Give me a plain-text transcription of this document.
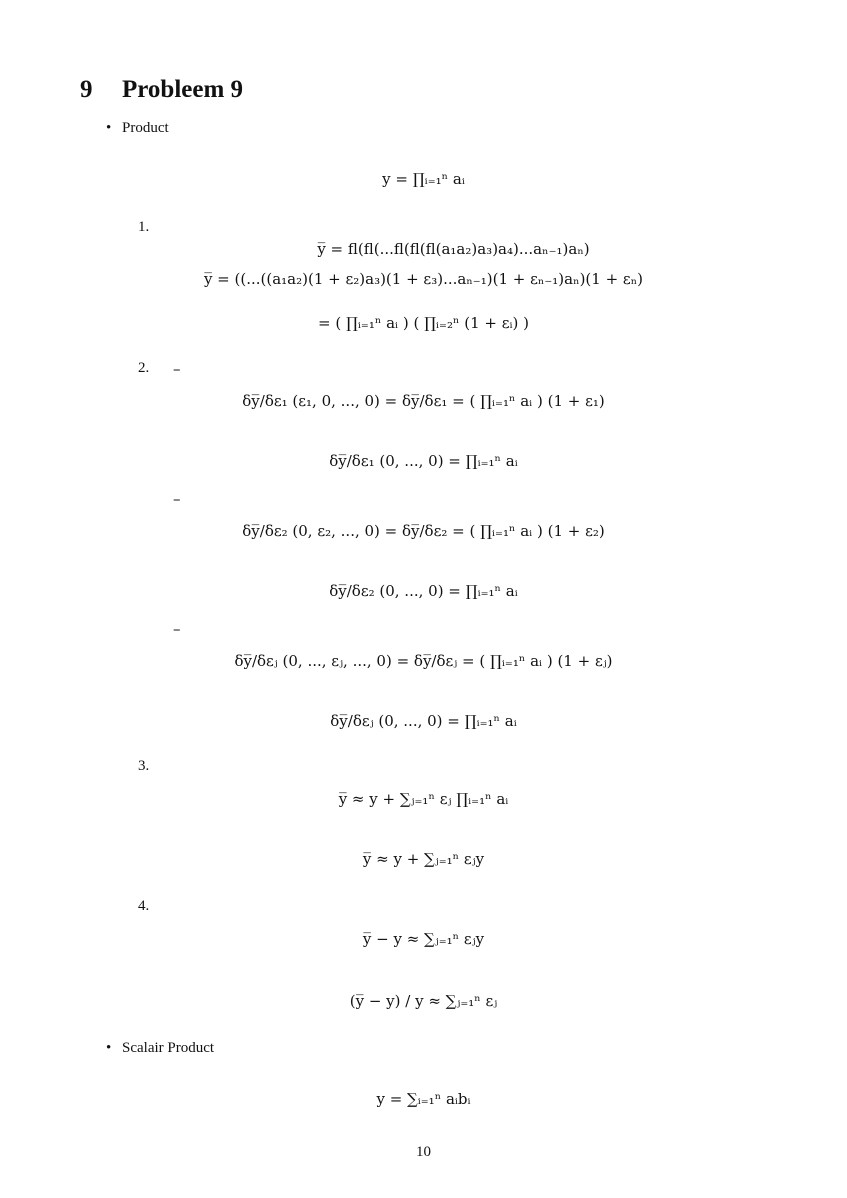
9 Probleem 9
• Product
y = ∏ᵢ₌₁ⁿ aᵢ
1.
y̅ = fl(fl(...fl(fl(fl(a₁a₂)a₃)a₄)...aₙ₋₁)aₙ)
y̅ = ((...((a₁a₂)(1 + ε₂)a₃)(1 + ε₃)...aₙ₋₁)(1 + εₙ₋₁)aₙ)(1 + εₙ)
= ( ∏ᵢ₌₁ⁿ aᵢ ) ( ∏ᵢ₌₂ⁿ (1 + εᵢ) )
2. –
δy̅/δε₁ (ε₁, 0, ..., 0) = δy̅/δε₁ = ( ∏ᵢ₌₁ⁿ aᵢ ) (1 + ε₁)
δy̅/δε₁ (0, ..., 0) = ∏ᵢ₌₁ⁿ aᵢ
–
δy̅/δε₂ (0, ε₂, ..., 0) = δy̅/δε₂ = ( ∏ᵢ₌₁ⁿ aᵢ ) (1 + ε₂)
δy̅/δε₂ (0, ..., 0) = ∏ᵢ₌₁ⁿ aᵢ
–
δy̅/δεⱼ (0, ..., εⱼ, ..., 0) = δy̅/δεⱼ = ( ∏ᵢ₌₁ⁿ aᵢ ) (1 + εⱼ)
δy̅/δεⱼ (0, ..., 0) = ∏ᵢ₌₁ⁿ aᵢ
3.
y̅ ≈ y + ∑ⱼ₌₁ⁿ εⱼ ∏ᵢ₌₁ⁿ aᵢ
y̅ ≈ y + ∑ⱼ₌₁ⁿ εⱼy
4.
y̅ − y ≈ ∑ⱼ₌₁ⁿ εⱼy
(y̅ − y) / y ≈ ∑ⱼ₌₁ⁿ εⱼ
• Scalair Product
y = ∑ᵢ₌₁ⁿ aᵢbᵢ
10
